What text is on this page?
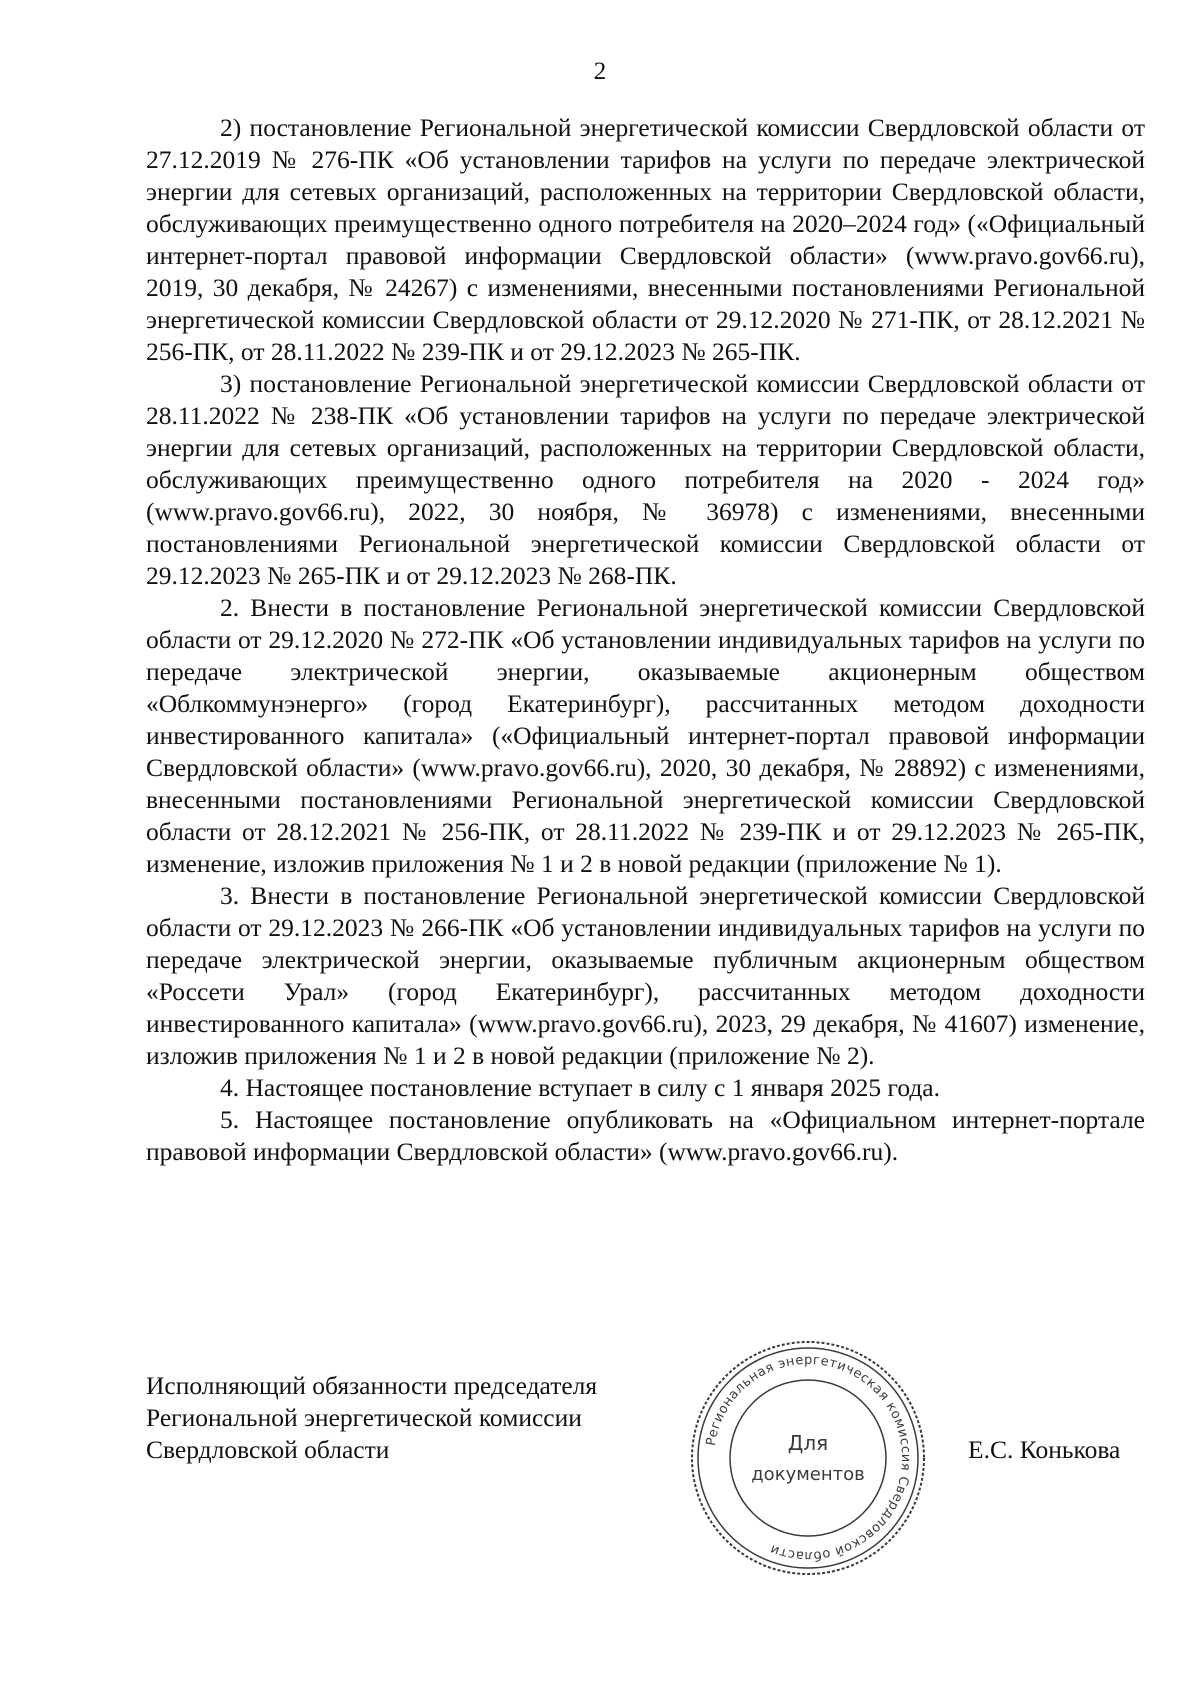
2

2) постановление Региональной энергетической комиссии Свердловской области от 27.12.2019 № 276-ПК «Об установлении тарифов на услуги по передаче электрической энергии для сетевых организаций, расположенных на территории Свердловской области, обслуживающих преимущественно одного потребителя на 2020–2024 год» («Официальный интернет-портал правовой информации Свердловской области» (www.pravo.gov66.ru), 2019, 30 декабря, № 24267) с изменениями, внесенными постановлениями Региональной энергетической комиссии Свердловской области от 29.12.2020 № 271-ПК, от 28.12.2021 № 256-ПК, от 28.11.2022 № 239-ПК и от 29.12.2023 № 265-ПК.

3) постановление Региональной энергетической комиссии Свердловской области от 28.11.2022 № 238-ПК «Об установлении тарифов на услуги по передаче электрической энергии для сетевых организаций, расположенных на территории Свердловской области, обслуживающих преимущественно одного потребителя на 2020 - 2024 год» (www.pravo.gov66.ru), 2022, 30 ноября, № 36978) с изменениями, внесенными постановлениями Региональной энергетической комиссии Свердловской области от 29.12.2023 № 265-ПК и от 29.12.2023 № 268-ПК.

2. Внести в постановление Региональной энергетической комиссии Свердловской области от 29.12.2020 № 272-ПК «Об установлении индивидуальных тарифов на услуги по передаче электрической энергии, оказываемые акционерным обществом «Облкоммунэнерго» (город Екатеринбург), рассчитанных методом доходности инвестированного капитала» («Официальный интернет-портал правовой информации Свердловской области» (www.pravo.gov66.ru), 2020, 30 декабря, № 28892) с изменениями, внесенными постановлениями Региональной энергетической комиссии Свердловской области от 28.12.2021 № 256-ПК, от 28.11.2022 № 239-ПК и от 29.12.2023 № 265-ПК, изменение, изложив приложения № 1 и 2 в новой редакции (приложение № 1).

3. Внести в постановление Региональной энергетической комиссии Свердловской области от 29.12.2023 № 266-ПК «Об установлении индивидуальных тарифов на услуги по передаче электрической энергии, оказываемые публичным акционерным обществом «Россети Урал» (город Екатеринбург), рассчитанных методом доходности инвестированного капитала» (www.pravo.gov66.ru), 2023, 29 декабря, № 41607) изменение, изложив приложения № 1 и 2 в новой редакции (приложение № 2).

4. Настоящее постановление вступает в силу с 1 января 2025 года.

5. Настоящее постановление опубликовать на «Официальном интернет-портале правовой информации Свердловской области» (www.pravo.gov66.ru).

Исполняющий обязанности председателя
Региональной энергетической комиссии
Свердловской области	Региональная энергетическая комиссия Свердловской области
Для
документов
Е.С. Конькова
